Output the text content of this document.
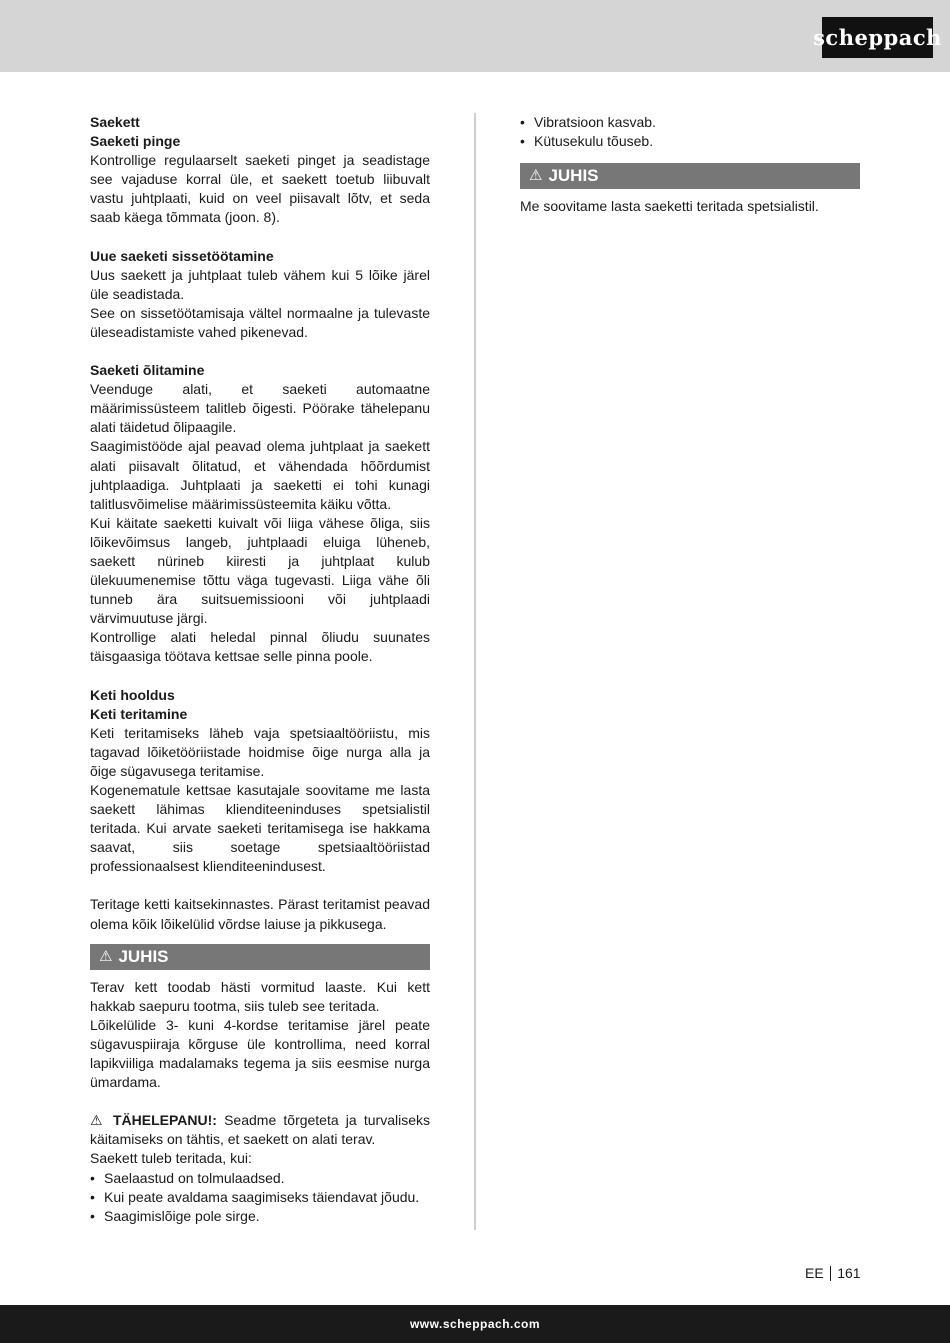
scheppach

Saekett

Saeketi pinge

Kontrollige regulaarselt saeketi pinget ja seadistage see vajaduse korral üle, et saekett toetub liibuvalt vastu juhtplaati, kuid on veel piisavalt lõtv, et seda saab käega tõmmata (joon. 8).

Uue saeketi sissetöötamine

Uus saekett ja juhtplaat tuleb vähem kui 5 lõike järel üle seadistada.

See on sissetöötamisaja vältel normaalne ja tulevaste üleseadistamiste vahed pikenevad.

Saeketi õlitamine

Veenduge alati, et saeketi automaatne määrimissüsteem talitleb õigesti. Pöörake tähelepanu alati täidetud õlipaagile.

Saagimistööde ajal peavad olema juhtplaat ja saekett alati piisavalt õlitatud, et vähendada hõõrdumist juhtplaadiga. Juhtplaati ja saeketti ei tohi kunagi talitlusvõimelise määrimissüsteemita käiku võtta.

Kui käitate saeketti kuivalt või liiga vähese õliga, siis lõikevõimsus langeb, juhtplaadi eluiga lüheneb, saekett nürineb kiiresti ja juhtplaat kulub ülekuumenemise tõttu väga tugevasti. Liiga vähe õli tunneb ära suitsuemissiooni või juhtplaadi värvimuutuse järgi.

Kontrollige alati heledal pinnal õliudu suunates täisgaasiga töötava kettsae selle pinna poole.

Keti hooldus

Keti teritamine

Keti teritamiseks läheb vaja spetsiaaltööriistu, mis tagavad lõiketööriistade hoidmise õige nurga alla ja õige sügavusega teritamise.

Kogenematule kettsae kasutajale soovitame me lasta saekett lähimas klienditeeninduses spetsialistil teritada. Kui arvate saeketi teritamisega ise hakkama saavat, siis soetage spetsiaaltööriistad professionaalsest klienditeenindusest.

Teritage ketti kaitsekinnastes. Pärast teritamist peavad olema kõik lõikelülid võrdse laiuse ja pikkusega.

⚠ JUHIS

Terav kett toodab hästi vormitud laaste. Kui kett hakkab saepuru tootma, siis tuleb see teritada.

Lõikelülide 3- kuni 4-kordse teritamise järel peate sügavuspiiraja kõrguse üle kontrollima, need korral lapikviiliga madalamaks tegema ja siis eesmise nurga ümardama.

⚠ TÄHELEPANU!: Seadme tõrgeteta ja turvaliseks käitamiseks on tähtis, et saekett on alati terav.

Saekett tuleb teritada, kui:

• Saelaastud on tolmulaadsed.
• Kui peate avaldama saagimiseks täiendavat jõudu.
• Saagimislõige pole sirge.
• Vibratsioon kasvab.
• Kütusekulu tõuseb.
⚠ JUHIS

Me soovitame lasta saeketti teritada spetsialistil.

EE 161
www.scheppach.com
